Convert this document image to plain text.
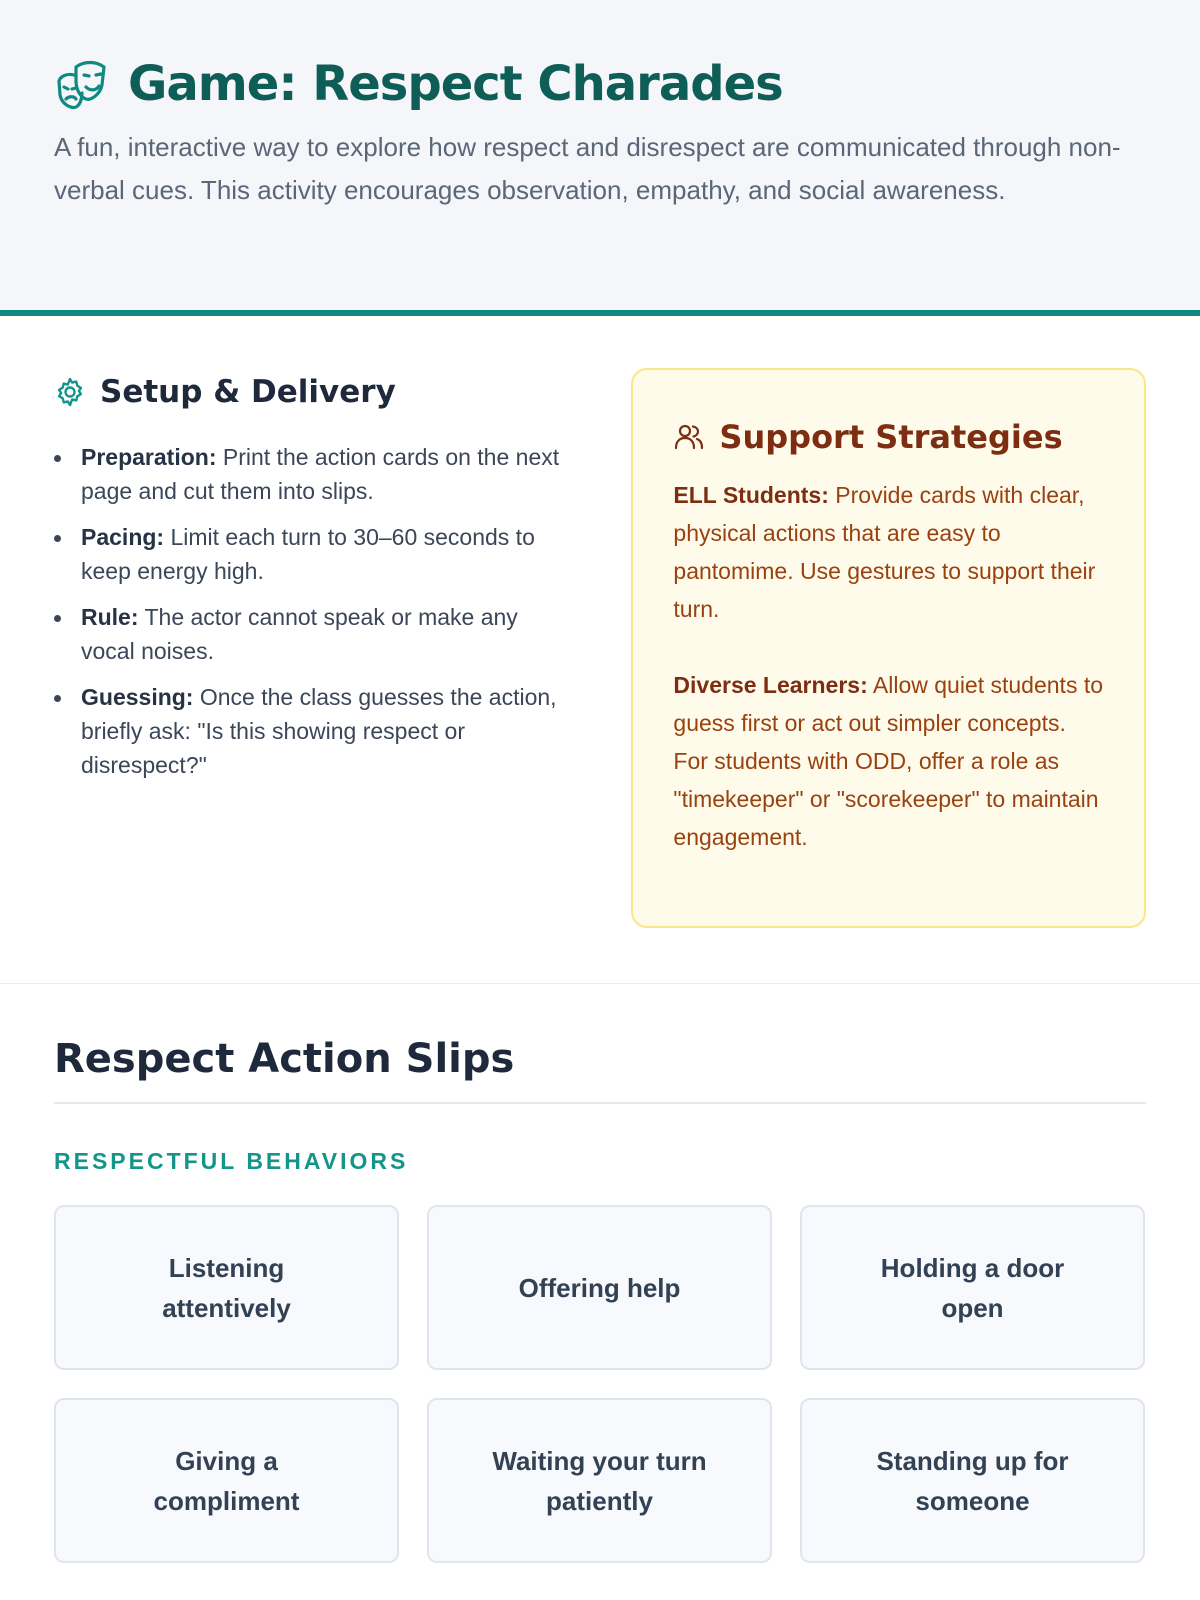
Game: Respect Charades

A fun, interactive way to explore how respect and disrespect are communicated through non-verbal cues. This activity encourages observation, empathy, and social awareness.

Setup & Delivery
Preparation: Print the action cards on the next page and cut them into slips.
Pacing: Limit each turn to 30–60 seconds to keep energy high.
Rule: The actor cannot speak or make any vocal noises.
Guessing: Once the class guesses the action, briefly ask: "Is this showing respect or disrespect?"
Support Strategies

ELL Students: Provide cards with clear, physical actions that are easy to pantomime. Use gestures to support their turn.

Diverse Learners: Allow quiet students to guess first or act out simpler concepts. For students with ODD, offer a role as "timekeeper" or "scorekeeper" to maintain engagement.

Respect Action Slips
RESPECTFUL BEHAVIORS
Listening attentively
Offering help
Holding a door open
Giving a compliment
Waiting your turn patiently
Standing up for someone
